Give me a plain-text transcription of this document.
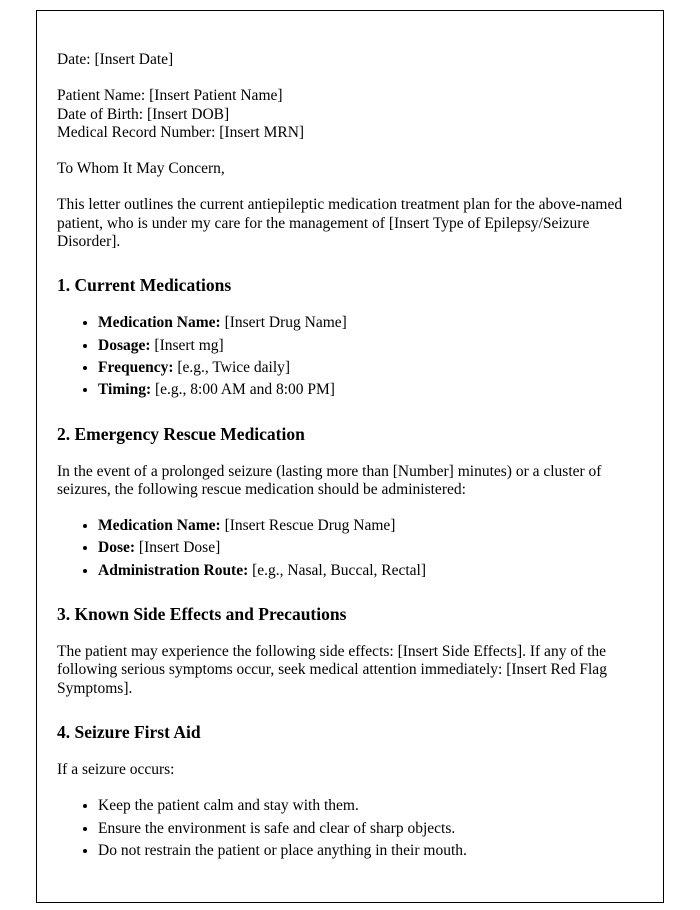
Date: [Insert Date]

Patient Name: [Insert Patient Name]

Date of Birth: [Insert DOB]

Medical Record Number: [Insert MRN]

To Whom It May Concern,

This letter outlines the current antiepileptic medication treatment plan for the above-named patient, who is under my care for the management of [Insert Type of Epilepsy/Seizure Disorder].

1. Current Medications
• Medication Name: [Insert Drug Name]
• Dosage: [Insert mg]
• Frequency: [e.g., Twice daily]
• Timing: [e.g., 8:00 AM and 8:00 PM]
2. Emergency Rescue Medication

In the event of a prolonged seizure (lasting more than [Number] minutes) or a cluster of seizures, the following rescue medication should be administered:

• Medication Name: [Insert Rescue Drug Name]
• Dose: [Insert Dose]
• Administration Route: [e.g., Nasal, Buccal, Rectal]
3. Known Side Effects and Precautions

The patient may experience the following side effects: [Insert Side Effects]. If any of the following serious symptoms occur, seek medical attention immediately: [Insert Red Flag Symptoms].

4. Seizure First Aid

If a seizure occurs:

• Keep the patient calm and stay with them.
• Ensure the environment is safe and clear of sharp objects.
• Do not restrain the patient or place anything in their mouth.
